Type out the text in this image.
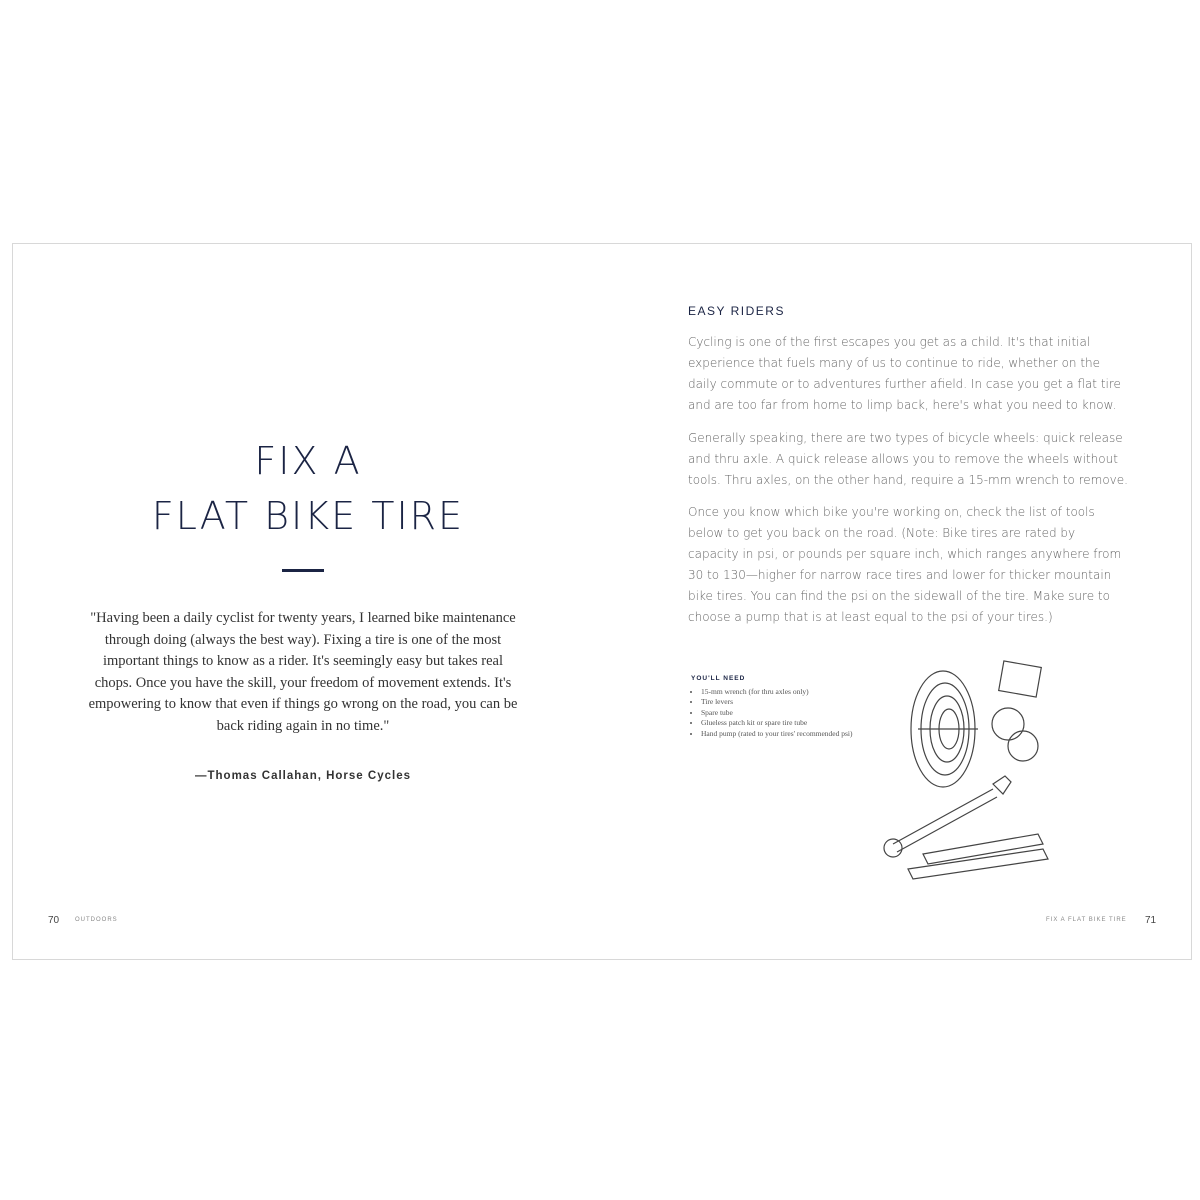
FIX A
FLAT BIKE TIRE
"Having been a daily cyclist for twenty years, I learned bike maintenance through doing (always the best way). Fixing a tire is one of the most important things to know as a rider. It's seemingly easy but takes real chops. Once you have the skill, your freedom of movement extends. It's empowering to know that even if things go wrong on the road, you can be back riding again in no time."
—Thomas Callahan, Horse Cycles
70	OUTDOORS
EASY RIDERS

Cycling is one of the first escapes you get as a child. It's that initial experience that fuels many of us to continue to ride, whether on the daily commute or to adventures further afield. In case you get a flat tire and are too far from home to limp back, here's what you need to know.

Generally speaking, there are two types of bicycle wheels: quick release and thru axle. A quick release allows you to remove the wheels without tools. Thru axles, on the other hand, require a 15-mm wrench to remove.

Once you know which bike you're working on, check the list of tools below to get you back on the road. (Note: Bike tires are rated by capacity in psi, or pounds per square inch, which ranges anywhere from 30 to 130—higher for narrow race tires and lower for thicker mountain bike tires. You can find the psi on the sidewall of the tire. Make sure to choose a pump that is at least equal to the psi of your tires.)

YOU'LL NEED
• 15-mm wrench (for thru axles only)
• Tire levers
• Spare tube
• Glueless patch kit or spare tire tube
• Hand pump (rated to your tires' recommended psi)
FIX A FLAT BIKE TIRE 71
